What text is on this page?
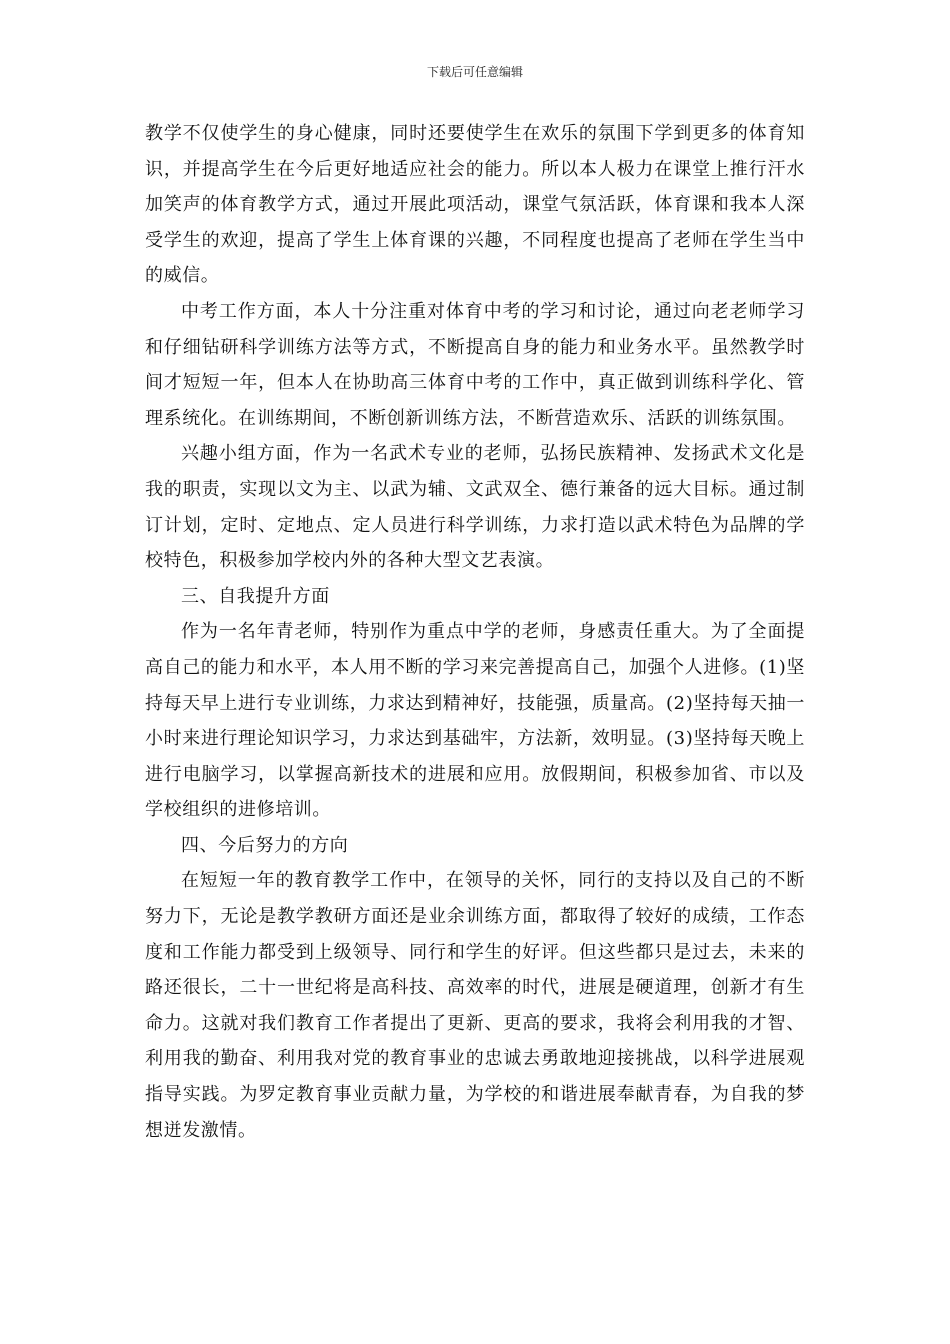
下载后可任意编辑

教学不仅使学生的身心健康，同时还要使学生在欢乐的氛围下学到更多的体育知识，并提高学生在今后更好地适应社会的能力。所以本人极力在课堂上推行汗水加笑声的体育教学方式，通过开展此项活动，课堂气氛活跃，体育课和我本人深受学生的欢迎，提高了学生上体育课的兴趣，不同程度也提高了老师在学生当中的威信。

中考工作方面，本人十分注重对体育中考的学习和讨论，通过向老老师学习和仔细钻研科学训练方法等方式，不断提高自身的能力和业务水平。虽然教学时间才短短一年，但本人在协助高三体育中考的工作中，真正做到训练科学化、管理系统化。在训练期间，不断创新训练方法，不断营造欢乐、活跃的训练氛围。

兴趣小组方面，作为一名武术专业的老师，弘扬民族精神、发扬武术文化是我的职责，实现以文为主、以武为辅、文武双全、德行兼备的远大目标。通过制订计划，定时、定地点、定人员进行科学训练，力求打造以武术特色为品牌的学校特色，积极参加学校内外的各种大型文艺表演。

三、自我提升方面

作为一名年青老师，特别作为重点中学的老师，身感责任重大。为了全面提高自己的能力和水平，本人用不断的学习来完善提高自己，加强个人进修。(1)坚持每天早上进行专业训练，力求达到精神好，技能强，质量高。(2)坚持每天抽一小时来进行理论知识学习，力求达到基础牢，方法新，效明显。(3)坚持每天晚上进行电脑学习，以掌握高新技术的进展和应用。放假期间，积极参加省、市以及学校组织的进修培训。

四、今后努力的方向

在短短一年的教育教学工作中，在领导的关怀，同行的支持以及自己的不断努力下，无论是教学教研方面还是业余训练方面，都取得了较好的成绩，工作态度和工作能力都受到上级领导、同行和学生的好评。但这些都只是过去，未来的路还很长，二十一世纪将是高科技、高效率的时代，进展是硬道理，创新才有生命力。这就对我们教育工作者提出了更新、更高的要求，我将会利用我的才智、利用我的勤奋、利用我对党的教育事业的忠诚去勇敢地迎接挑战，以科学进展观指导实践。为罗定教育事业贡献力量，为学校的和谐进展奉献青春，为自我的梦想迸发激情。
